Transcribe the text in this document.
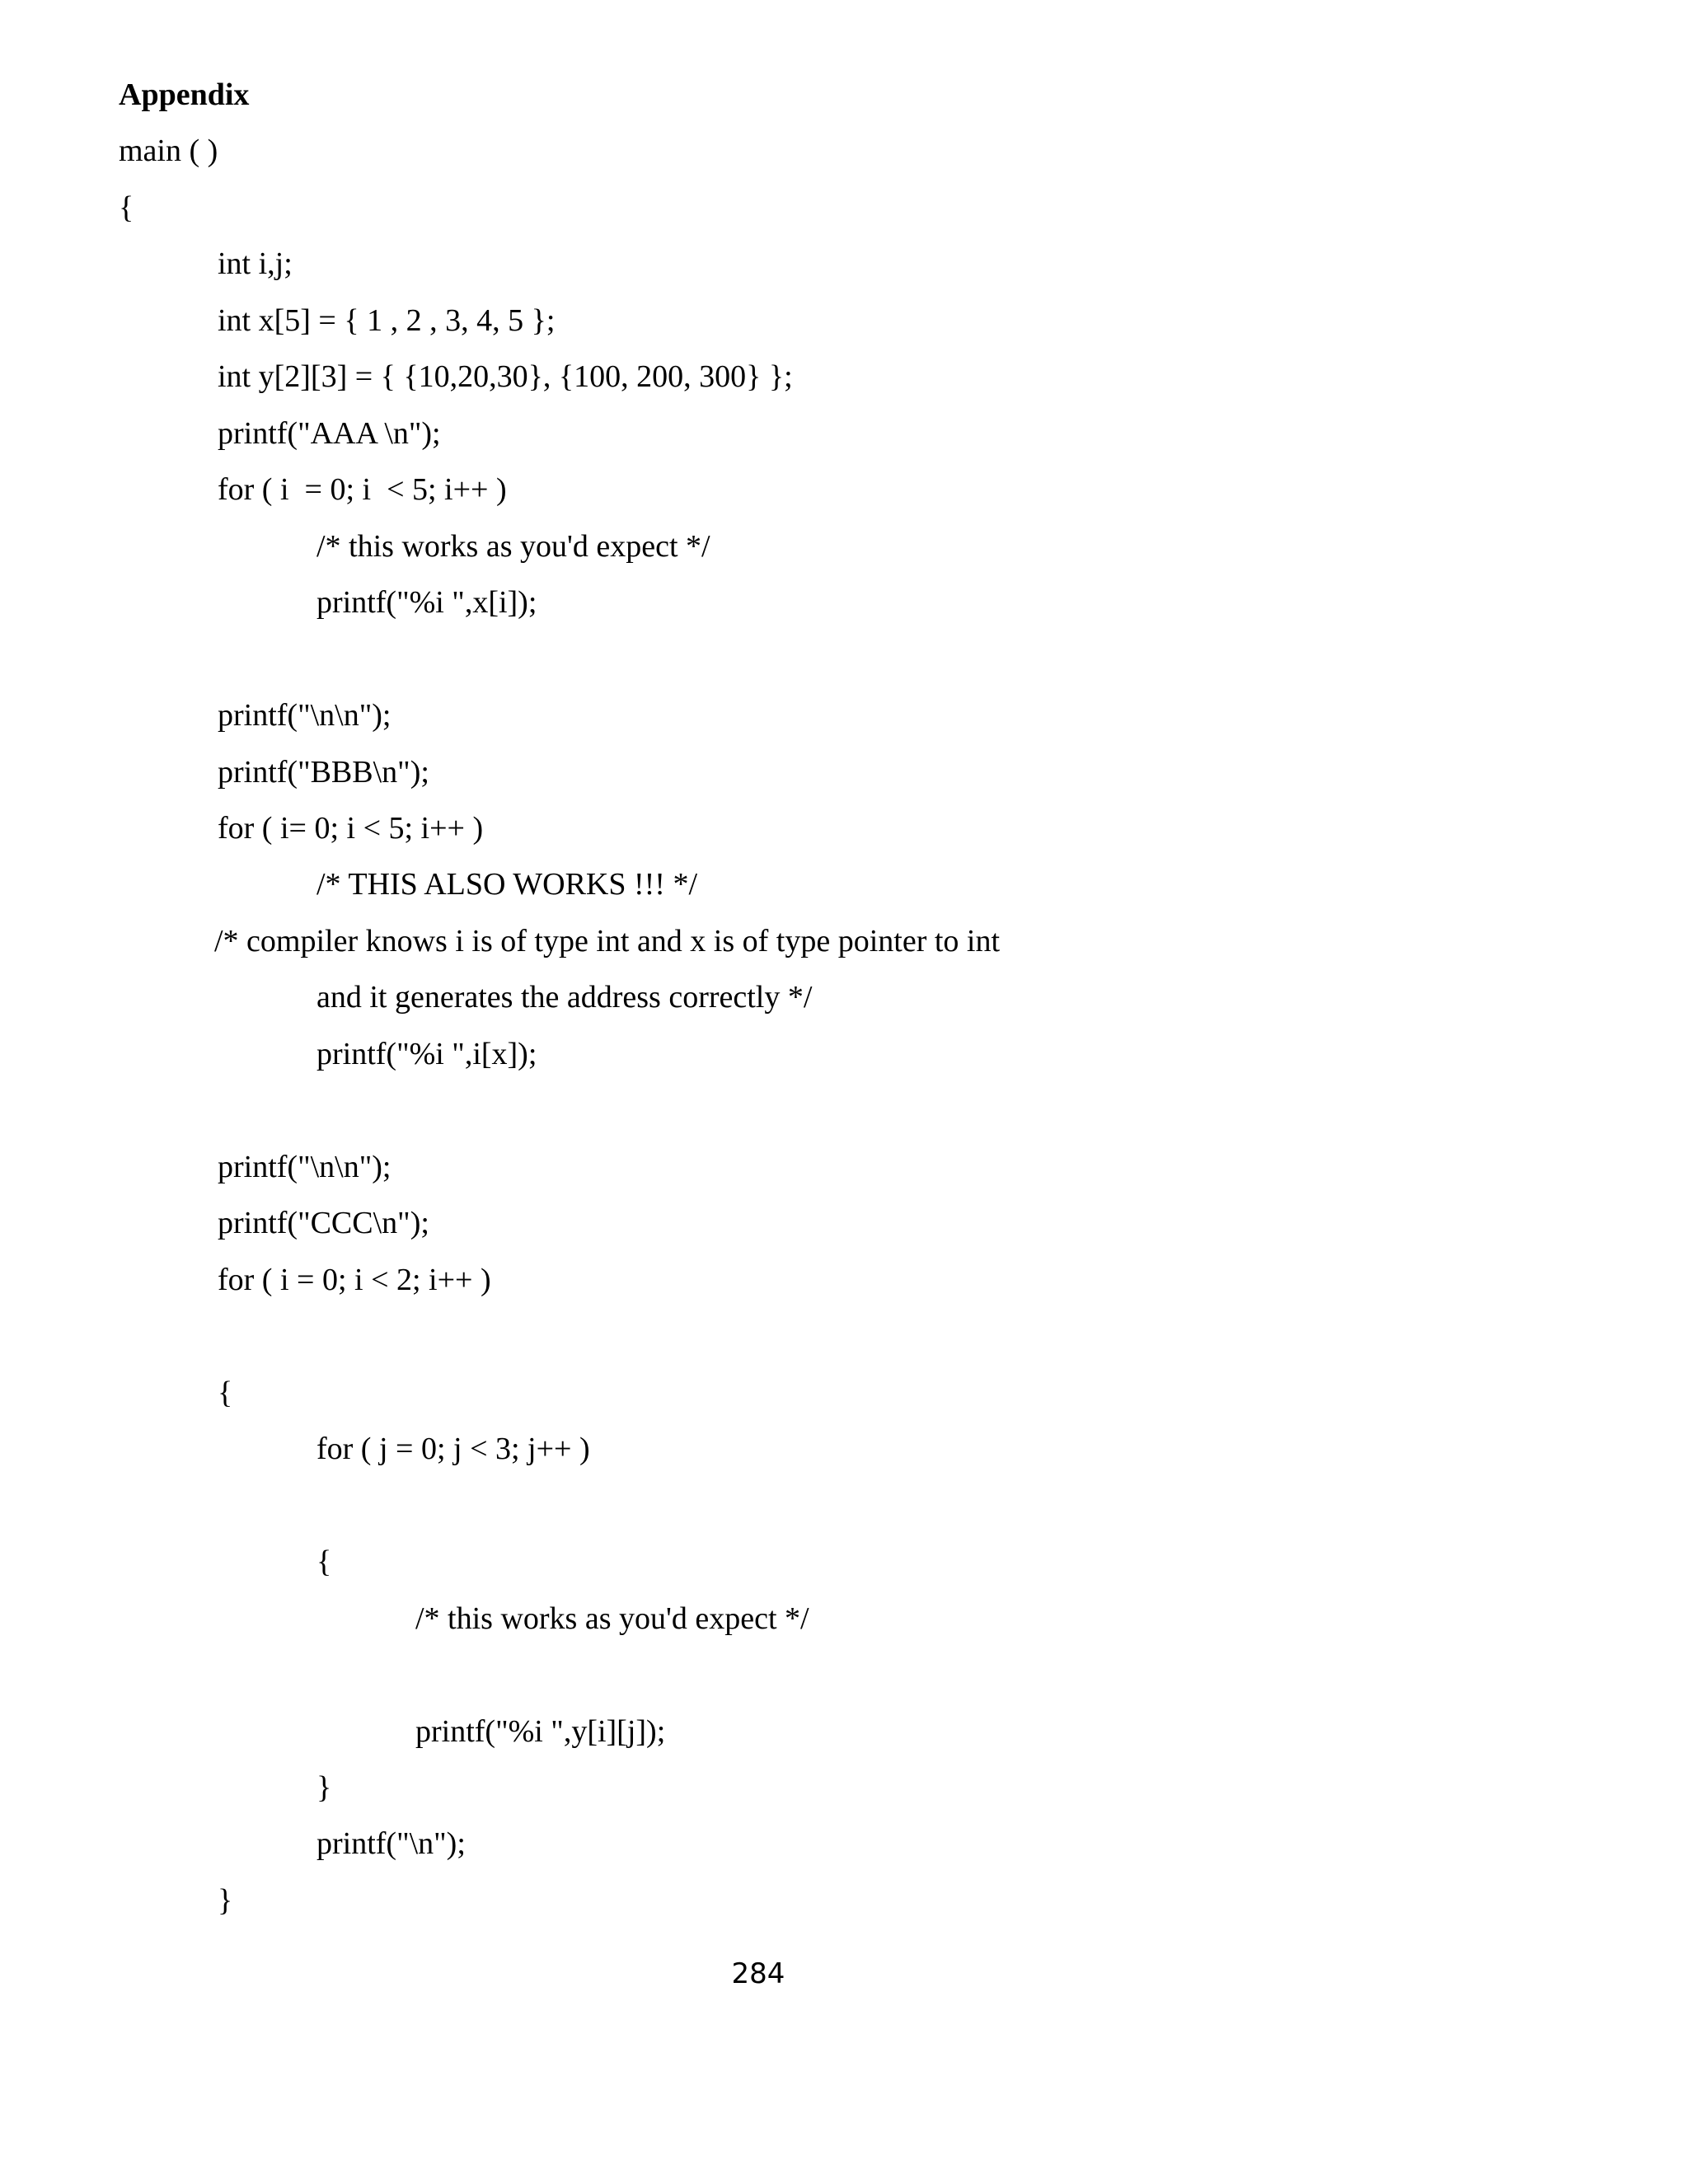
Appendix
main ( )
{
int i,j;
int x[5] = { 1 , 2 , 3, 4, 5 };
int y[2][3] = { {10,20,30}, {100, 200, 300} };
printf("AAA \n");
for ( i  = 0; i  < 5; i++ )
/* this works as you'd expect */
printf("%i ",x[i]);
printf("\n\n");
printf("BBB\n");
for ( i= 0; i < 5; i++ )
/* THIS ALSO WORKS !!! */
/* compiler knows i is of type int and x is of type pointer to int
and it generates the address correctly */
printf("%i ",i[x]);
printf("\n\n");
printf("CCC\n");
for ( i = 0; i < 2; i++ )
{
for ( j = 0; j < 3; j++ )
{
/* this works as you'd expect */
printf("%i ",y[i][j]);
}
printf("\n");
}
284
